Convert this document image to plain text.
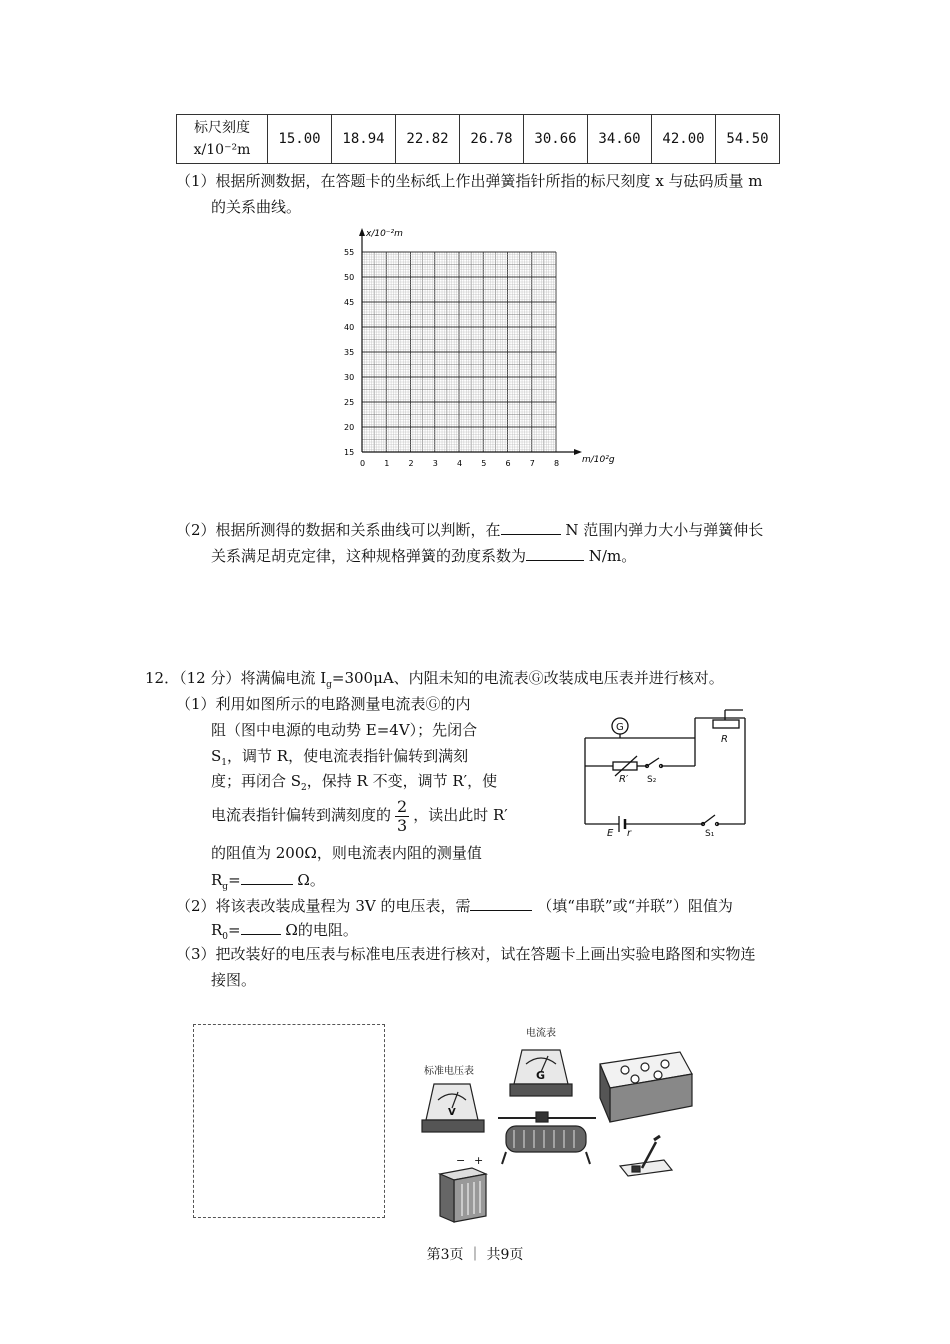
标尺刻度
x/10⁻²m	15.00	18.94	22.82	26.78	30.66	34.60	42.00	54.50
（1）根据所测数据，在答题卡的坐标纸上作出弹簧指针所指的标尺刻度 x 与砝码质量 m
的关系曲线。
0 1 2 3 4 5 6 7 8
15
20
25
30
35
40
45
50
55
x/10⁻²m
m/10²g
（2）根据所测得的数据和关系曲线可以判断，在	N 范围内弹力大小与弹簧伸长
关系满足胡克定律，这种规格弹簧的劲度系数为	N/m。
12．（12 分）将满偏电流 $I_g=300\mu A$、内阻未知的电流表Ⓖ改装成电压表并进行核对。
（1）利用如图所示的电路测量电流表Ⓖ的内
阻（图中电源的电动势 E=4V）；先闭合
$S_1$，调节 R，使电流表指针偏转到满刻
度；再闭合 $S_2$，保持 R 不变，调节 R′，使
电流表指针偏转到满刻度的 $\frac{2}{3}$ ，读出此时 R′
的阻值为 200Ω，则电流表内阻的测量值
$R_g=$	Ω。
G
R
R′ S₂
E r	S₁
（2）将该表改装成量程为 3V 的电压表，需	（填“串联”或“并联”）阻值为
$R_0=$	Ω的电阻。
（3）把改装好的电压表与标准电压表进行核对，试在答题卡上画出实验电路图和实物连
接图。
电流表
G
标准电压表
V
− +
第3页 ｜ 共9页
